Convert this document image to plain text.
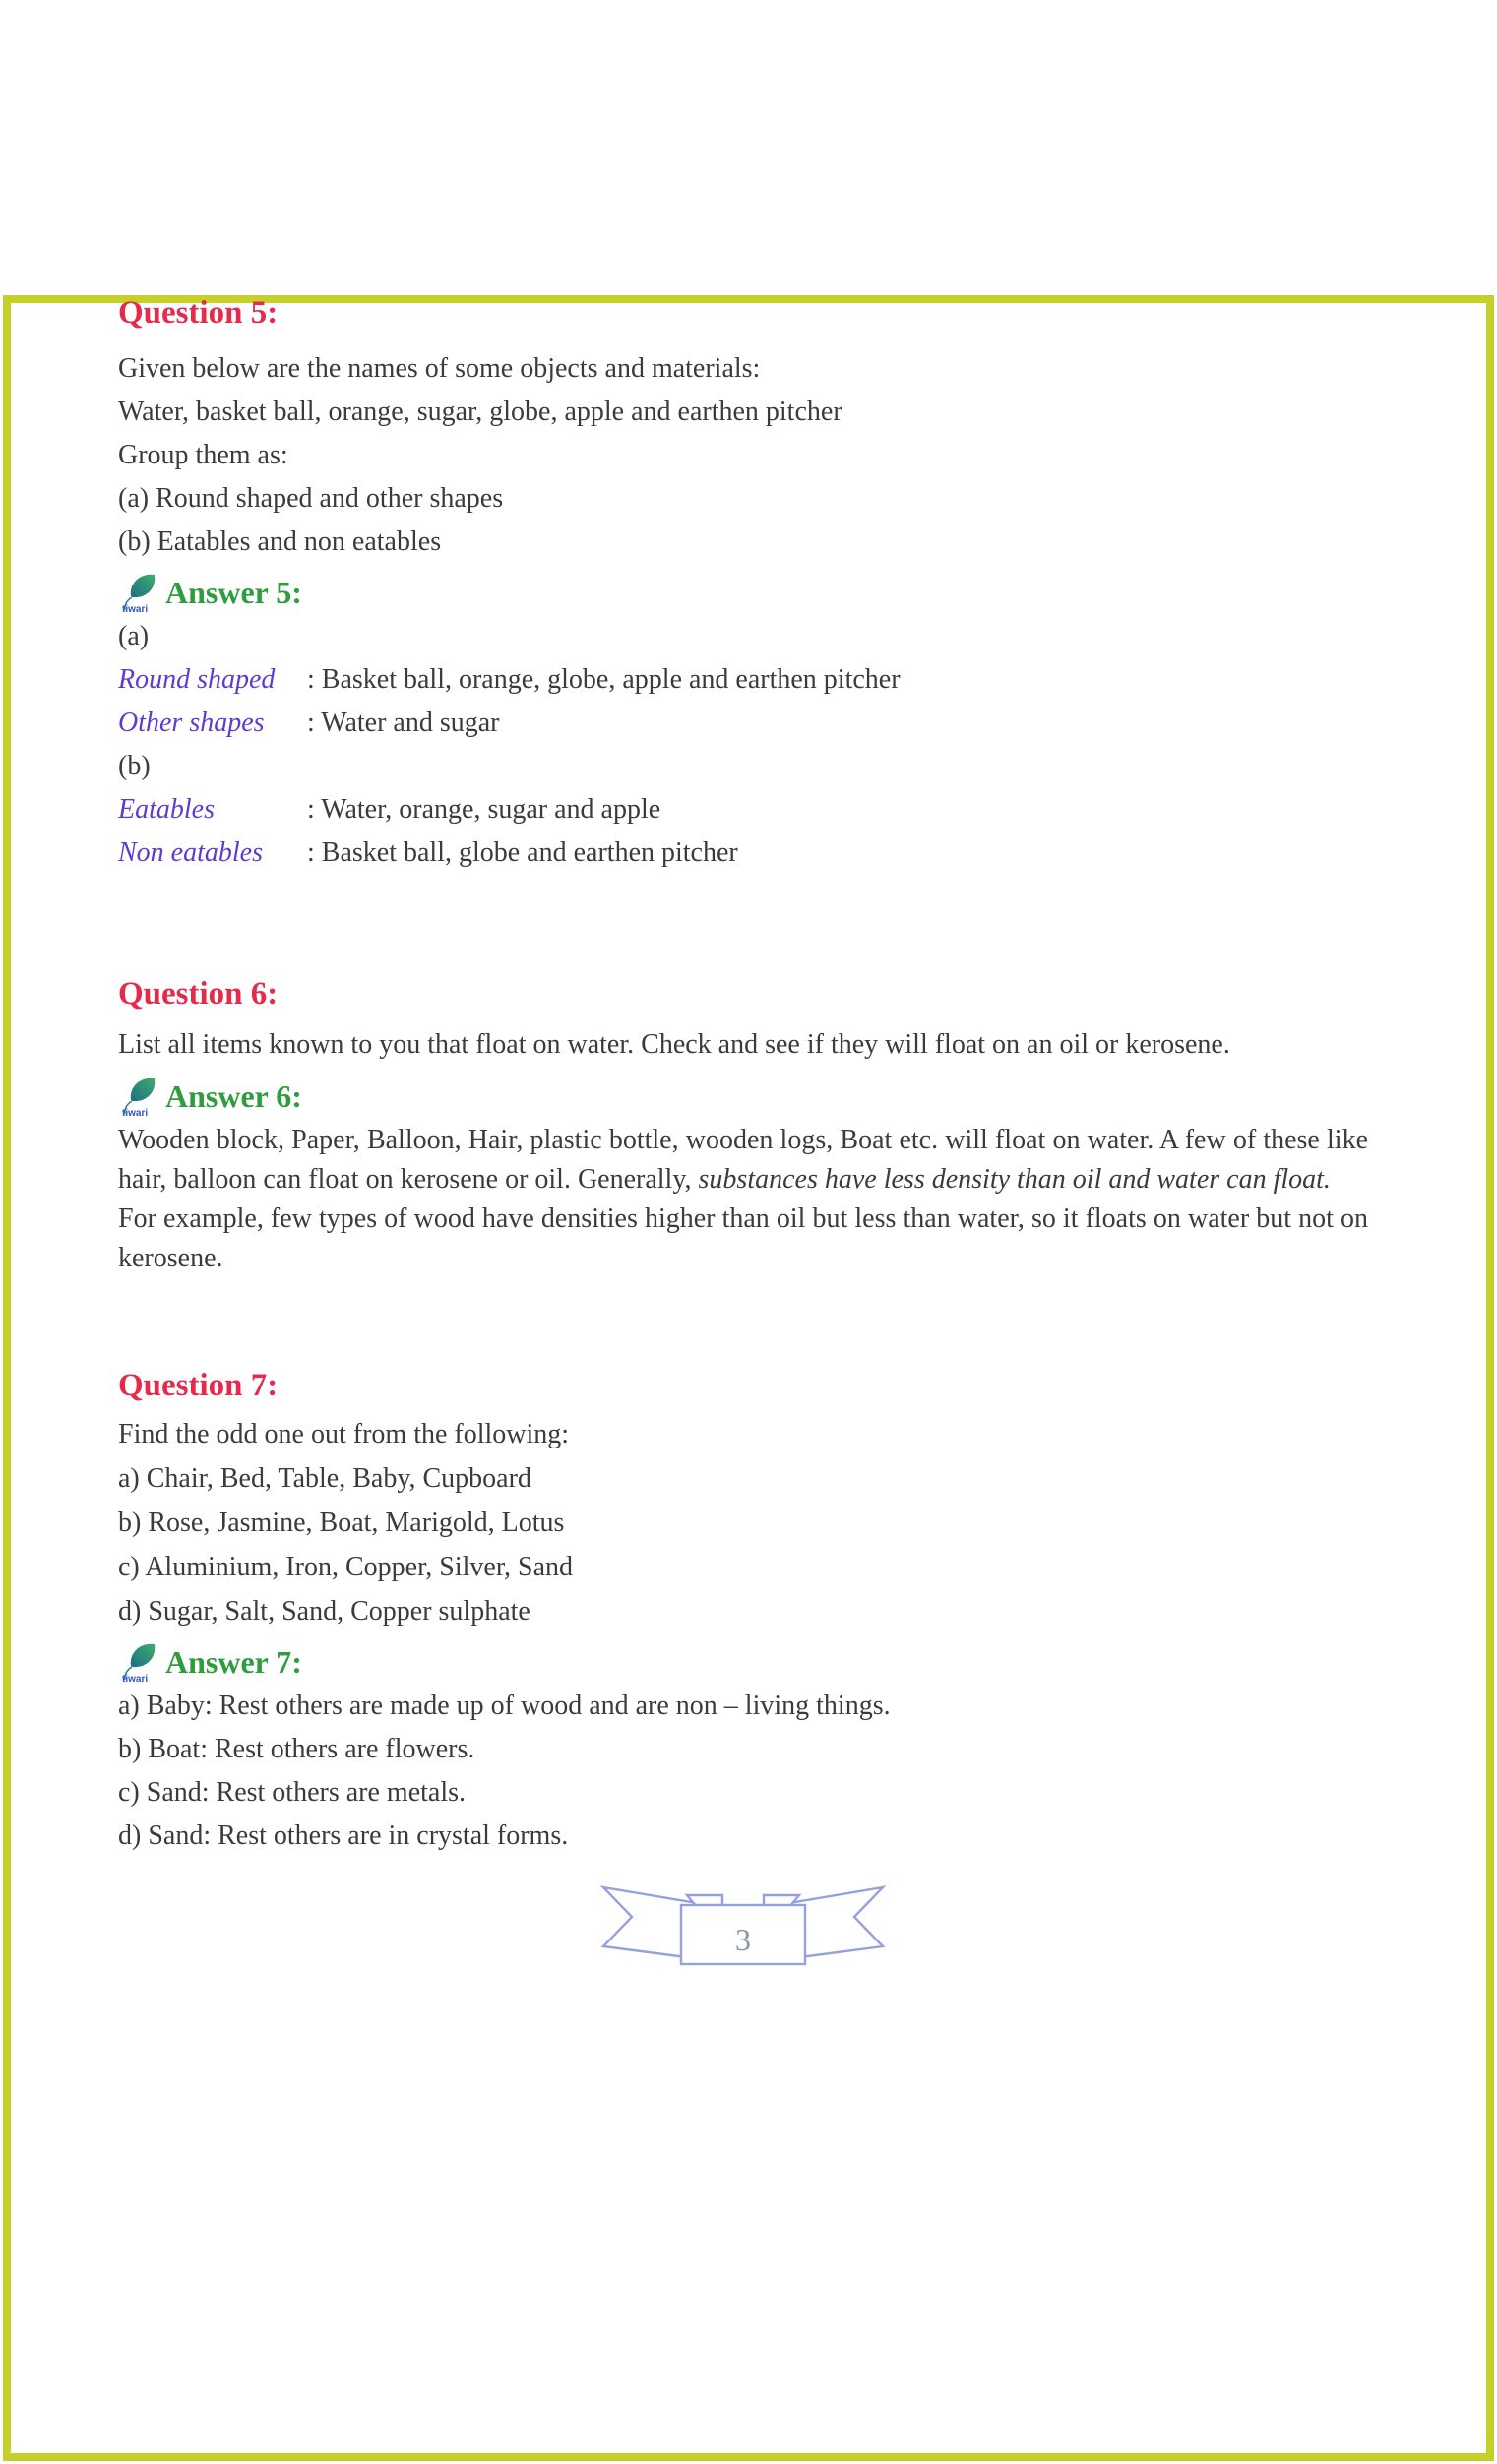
Question 5:
Given below are the names of some objects and materials:
Water, basket ball, orange, sugar, globe, apple and earthen pitcher
Group them as:
(a) Round shaped and other shapes
(b) Eatables and non eatables
tiwari Answer 5:
(a)
Round shaped	: Basket ball, orange, globe, apple and earthen pitcher
Other shapes	: Water and sugar
(b)
Eatables	: Water, orange, sugar and apple
Non eatables	: Basket ball, globe and earthen pitcher
Question 6:

List all items known to you that float on water. Check and see if they will float on an oil or kerosene.

tiwari Answer 6:

Wooden block, Paper, Balloon, Hair, plastic bottle, wooden logs, Boat etc. will float on water. A few of these like hair, balloon can float on kerosene or oil. Generally, substances have less density than oil and water can float.

For example, few types of wood have densities higher than oil but less than water, so it floats on water but not on kerosene.

Question 7:
Find the odd one out from the following:
a) Chair, Bed, Table, Baby, Cupboard
b) Rose, Jasmine, Boat, Marigold, Lotus
c) Aluminium, Iron, Copper, Silver, Sand
d) Sugar, Salt, Sand, Copper sulphate
tiwari Answer 7:
a) Baby: Rest others are made up of wood and are non – living things.
b) Boat: Rest others are flowers.
c) Sand: Rest others are metals.
d) Sand: Rest others are in crystal forms.
3
